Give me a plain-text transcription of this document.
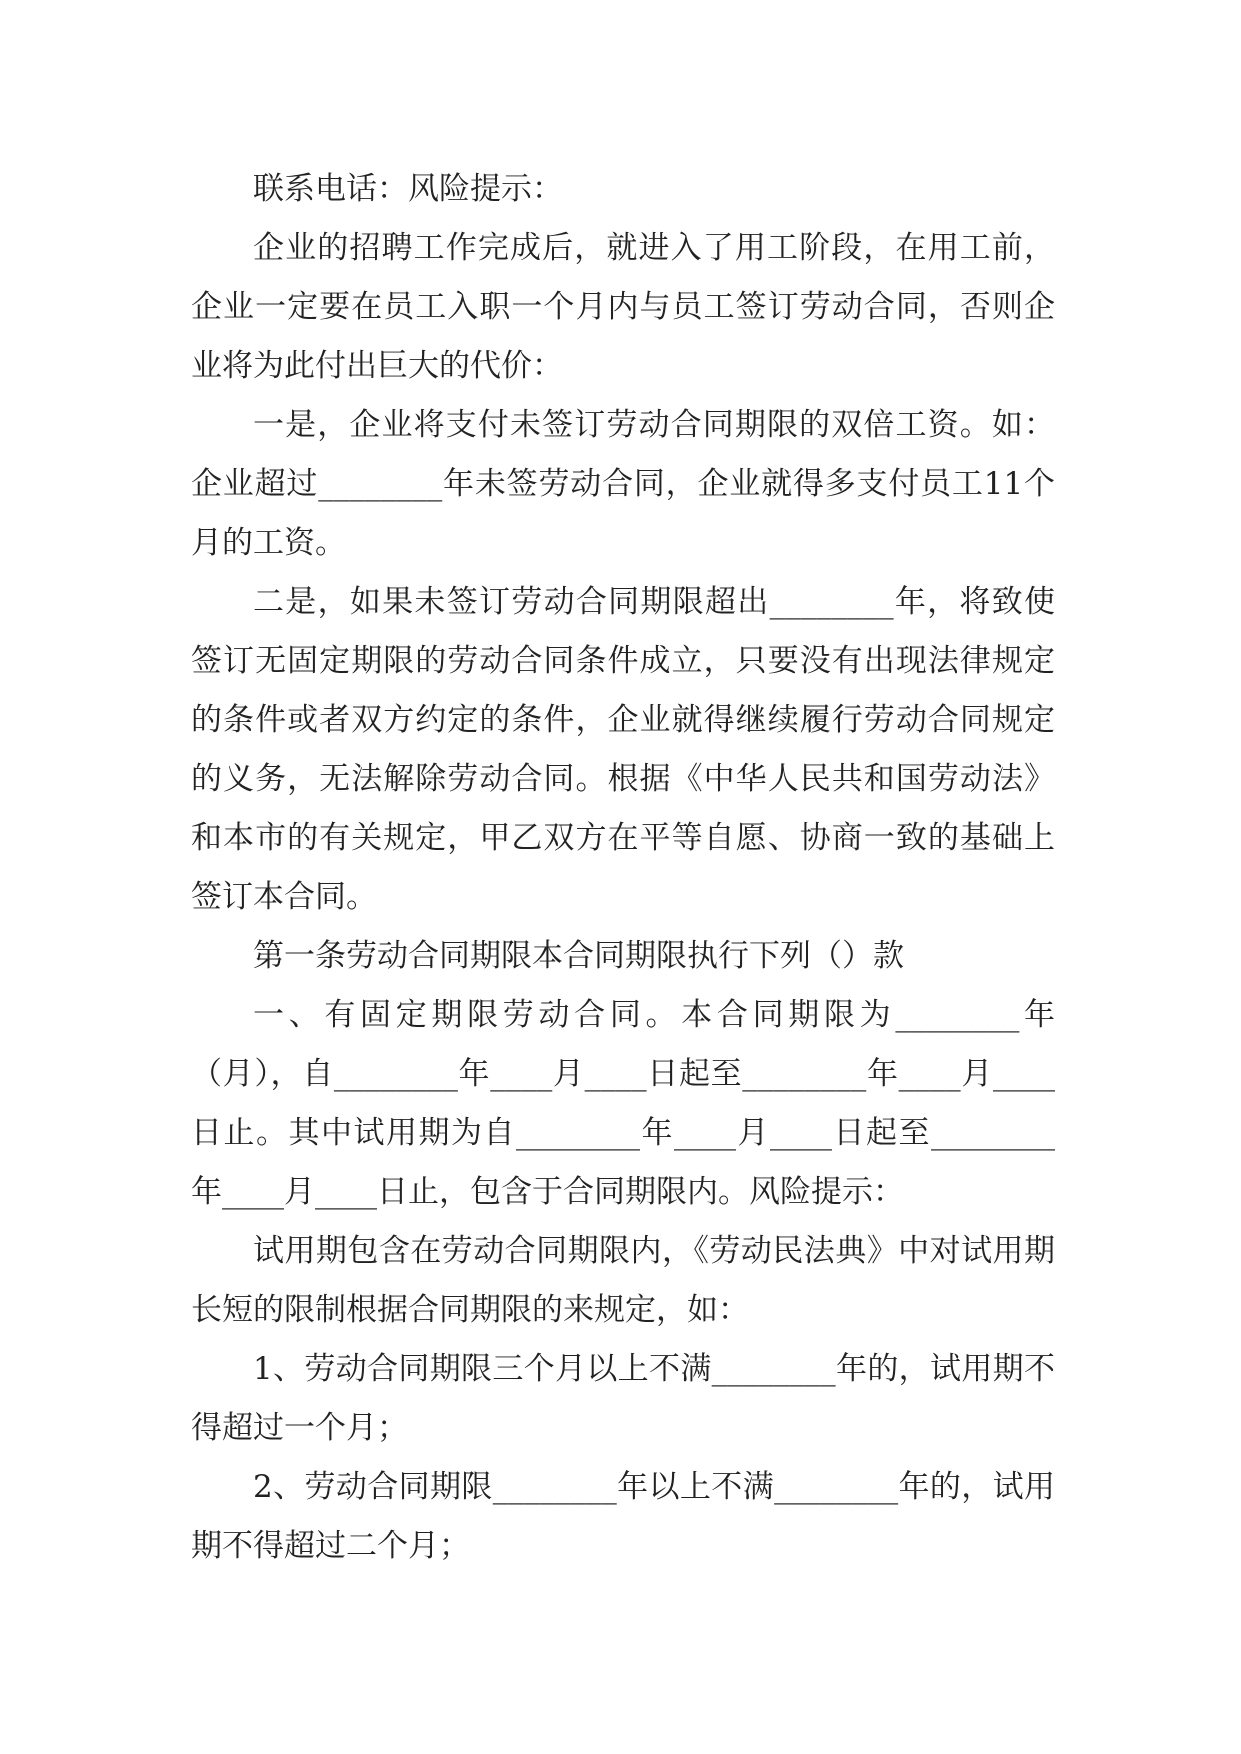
联系电话：风险提示：

企业的招聘工作完成后，就进入了用工阶段，在用工前，企业一定要在员工入职一个月内与员工签订劳动合同，否则企业将为此付出巨大的代价：

一是，企业将支付未签订劳动合同期限的双倍工资。如：企业超过________年未签劳动合同，企业就得多支付员工11个月的工资。

二是，如果未签订劳动合同期限超出________年，将致使签订无固定期限的劳动合同条件成立，只要没有出现法律规定的条件或者双方约定的条件，企业就得继续履行劳动合同规定的义务，无法解除劳动合同。根据《中华人民共和国劳动法》和本市的有关规定，甲乙双方在平等自愿、协商一致的基础上签订本合同。

第一条劳动合同期限本合同期限执行下列（）款

一、有固定期限劳动合同。本合同期限为________年（月），自________年____月____日起至________年____月____日止。其中试用期为自________年____月____日起至________年____月____日止，包含于合同期限内。风险提示：

试用期包含在劳动合同期限内，《劳动民法典》中对试用期长短的限制根据合同期限的来规定，如：

1、劳动合同期限三个月以上不满________年的，试用期不得超过一个月；

2、劳动合同期限________年以上不满________年的，试用期不得超过二个月；
